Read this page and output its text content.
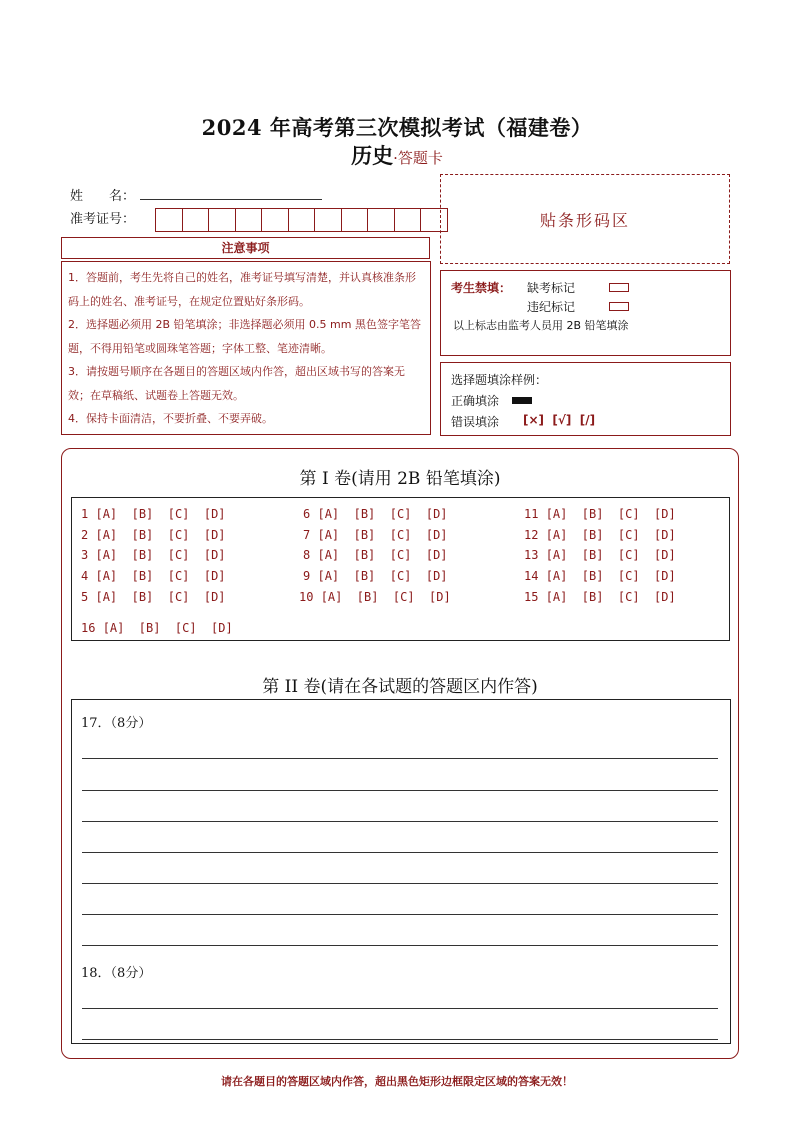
2024 年高考第三次模拟考试（福建卷）
历史·答题卡
姓　　名：
准考证号：	贴条形码区
注意事项
1．答题前，考生先将自己的姓名，准考证号填写清楚，并认真核准条形码上的姓名、准考证号，在规定位置贴好条形码。
2．选择题必须用 2B 铅笔填涂；非选择题必须用 0.5 mm 黑色签字笔答题，不得用铅笔或圆珠笔答题；字体工整、笔迹清晰。
3．请按题号顺序在各题目的答题区域内作答，超出区域书写的答案无效；在草稿纸、试题卷上答题无效。
4．保持卡面清洁，不要折叠、不要弄破。
考生禁填： 缺考标记
违纪标记
以上标志由监考人员用 2B 铅笔填涂
选择题填涂样例：
正确填涂
错误填涂 [×]  [√]  [/]
第 I 卷(请用 2B 铅笔填涂)
第 II 卷(请在各试题的答题区内作答)
1 [A]  [B]  [C]  [D]
2 [A]  [B]  [C]  [D]
3 [A]  [B]  [C]  [D]
4 [A]  [B]  [C]  [D]
5 [A]  [B]  [C]  [D]
6 [A]  [B]  [C]  [D]
7 [A]  [B]  [C]  [D]
8 [A]  [B]  [C]  [D]
9 [A]  [B]  [C]  [D]
10 [A]  [B]  [C]  [D]
11 [A]  [B]  [C]  [D]
12 [A]  [B]  [C]  [D]
13 [A]  [B]  [C]  [D]
14 [A]  [B]  [C]  [D]
15 [A]  [B]  [C]  [D]
16 [A]  [B]  [C]  [D]
17．（8分）
18．（8分）
请在各题目的答题区域内作答，超出黑色矩形边框限定区域的答案无效！
